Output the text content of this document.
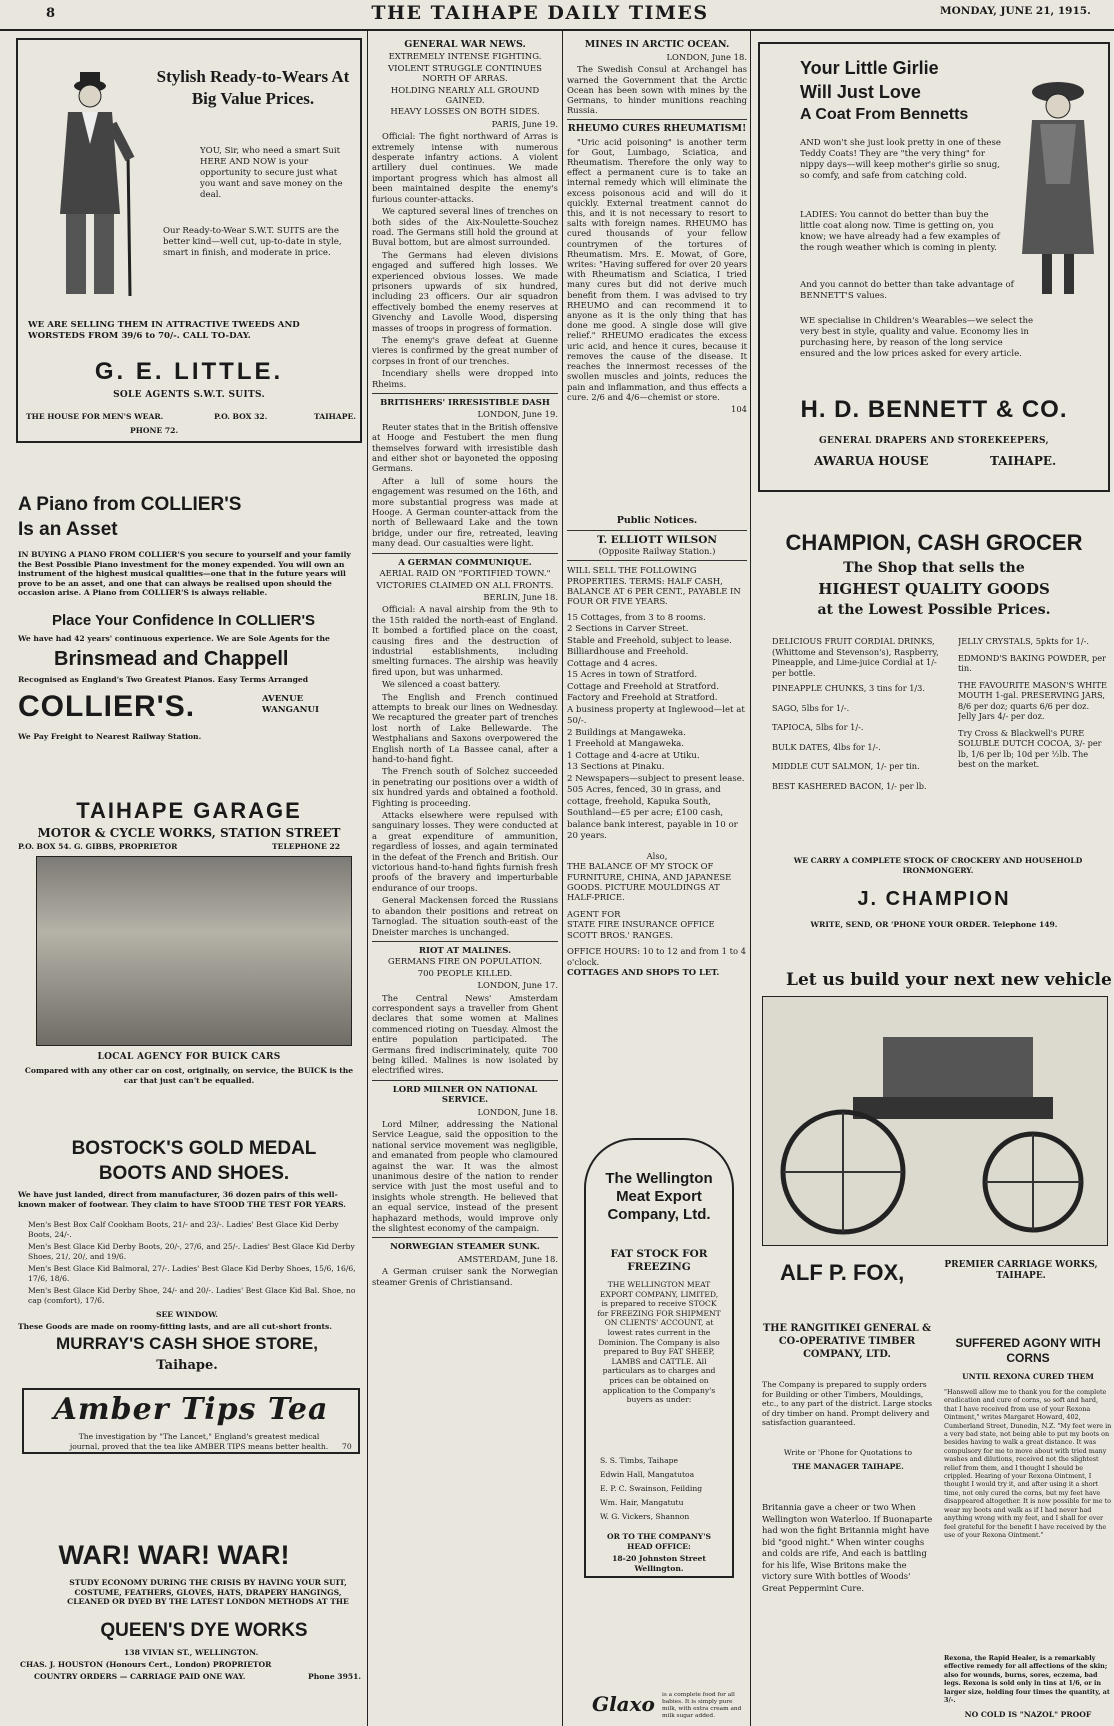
8	THE TAIHAPE DAILY TIMES	MONDAY, JUNE 21, 1915.
Stylish Ready-to-Wears At Big Value Prices.
YOU, Sir, who need a smart Suit HERE AND NOW is your opportunity to secure just what you want and save money on the deal.
Our Ready-to-Wear S.W.T. SUITS are the better kind—well cut, up-to-date in style, smart in finish, and moderate in price.
WE ARE SELLING THEM IN ATTRACTIVE TWEEDS AND WORSTEDS FROM 39/6 to 70/-. CALL TO-DAY.
G. E. LITTLE.
SOLE AGENTS S.W.T. SUITS.
THE HOUSE FOR MEN'S WEAR.	P.O. BOX 32.	TAIHAPE.
PHONE 72.
A Piano from COLLIER'S
Is an Asset
IN BUYING A PIANO FROM COLLIER'S you secure to yourself and your family the Best Possible Piano investment for the money expended. You will own an instrument of the highest musical qualities—one that in the future years will prove to be an asset, and one that can always be realised upon should the occasion arise. A Piano from COLLIER'S is always reliable.
Place Your Confidence In COLLIER'S
We have had 42 years' continuous experience. We are Sole Agents for the
Brinsmead and Chappell
Recognised as England's Two Greatest Pianos. Easy Terms Arranged
COLLIER'S.	AVENUE WANGANUI
We Pay Freight to Nearest Railway Station.
TAIHAPE GARAGE
MOTOR & CYCLE WORKS, STATION STREET
P.O. BOX 54. G. GIBBS, PROPRIETOR	TELEPHONE 22
LOCAL AGENCY FOR BUICK CARS
Compared with any other car on cost, originally, on service, the BUICK is the car that just can't be equalled.
BOSTOCK'S GOLD MEDAL BOOTS AND SHOES.
We have just landed, direct from manufacturer, 36 dozen pairs of this well-known maker of footwear. They claim to have STOOD THE TEST FOR YEARS.
Men's Best Box Calf Cookham Boots, 21/- and 23/-. Ladies' Best Glace Kid Derby Boots, 24/-.
Men's Best Glace Kid Derby Boots, 20/-, 27/6, and 25/-. Ladies' Best Glace Kid Derby Shoes, 21/, 20/, and 19/6.
Men's Best Glace Kid Balmoral, 27/-. Ladies' Best Glace Kid Derby Shoes, 15/6, 16/6, 17/6, 18/6.
Men's Best Glace Kid Derby Shoe, 24/- and 20/-. Ladies' Best Glace Kid Bal. Shoe, no cap (comfort), 17/6.
SEE WINDOW.
These Goods are made on roomy-fitting lasts, and are all cut-short fronts.
MURRAY'S CASH SHOE STORE,
Taihape.
Amber Tips Tea
The investigation by "The Lancet," England's greatest medical journal, proved that the tea like AMBER TIPS means better health.	70
WAR! WAR! WAR!
STUDY ECONOMY DURING THE CRISIS BY HAVING YOUR SUIT, COSTUME, FEATHERS, GLOVES, HATS, DRAPERY HANGINGS, CLEANED OR DYED BY THE LATEST LONDON METHODS AT THE
QUEEN'S DYE WORKS
138 VIVIAN ST., WELLINGTON.
CHAS. J. HOUSTON (Honours Cert., London) PROPRIETOR
COUNTRY ORDERS — CARRIAGE PAID ONE WAY.	Phone 3951.
GENERAL WAR NEWS.
EXTREMELY INTENSE FIGHTING.
VIOLENT STRUGGLE CONTINUES NORTH OF ARRAS.
HOLDING NEARLY ALL GROUND GAINED.
HEAVY LOSSES ON BOTH SIDES.
PARIS, June 19.

Official: The fight northward of Arras is extremely intense with numerous desperate infantry actions. A violent artillery duel continues. We made important progress which has almost all been maintained despite the enemy's furious counter-attacks.

We captured several lines of trenches on both sides of the Aix-Noulette-Souchez road. The Germans still hold the ground at Buval bottom, but are almost surrounded.

The Germans had eleven divisions engaged and suffered high losses. We experienced obvious losses. We made prisoners upwards of six hundred, including 23 officers. Our air squadron effectively bombed the enemy reserves at Givenchy and Lavolle Wood, dispersing masses of troops in progress of formation.

The enemy's grave defeat at Guenne vieres is confirmed by the great number of corpses in front of our trenches.

Incendiary shells were dropped into Rheims.

BRITISHERS' IRRESISTIBLE DASH
LONDON, June 19.

Reuter states that in the British offensive at Hooge and Festubert the men flung themselves forward with irresistible dash and either shot or bayoneted the opposing Germans.

After a lull of some hours the engagement was resumed on the 16th, and more substantial progress was made at Hooge. A German counter-attack from the north of Bellewaard Lake and the town bridge, under our fire, retreated, leaving many dead. Our casualties were light.

A GERMAN COMMUNIQUE.
AERIAL RAID ON "FORTIFIED TOWN."
VICTORIES CLAIMED ON ALL FRONTS.
BERLIN, June 18.

Official: A naval airship from the 9th to the 15th raided the north-east of England. It bombed a fortified place on the coast, causing fires and the destruction of industrial establishments, including smelting furnaces. The airship was heavily fired upon, but was unharmed.

We silenced a coast battery.

The English and French continued attempts to break our lines on Wednesday. We recaptured the greater part of trenches lost north of Lake Bellewarde. The Westphalians and Saxons overpowered the English north of La Bassee canal, after a hand-to-hand fight.

The French south of Solchez succeeded in penetrating our positions over a width of six hundred yards and obtained a foothold. Fighting is proceeding.

Attacks elsewhere were repulsed with sanguinary losses. They were conducted at a great expenditure of ammunition, regardless of losses, and again terminated in the defeat of the French and British. Our victorious hand-to-hand fights furnish fresh proofs of the bravery and imperturbable endurance of our troops.

General Mackensen forced the Russians to abandon their positions and retreat on Tarnoglad. The situation south-east of the Dneister marches is unchanged.

RIOT AT MALINES.
GERMANS FIRE ON POPULATION.
700 PEOPLE KILLED.
LONDON, June 17.

The Central News' Amsterdam correspondent says a traveller from Ghent declares that some women at Malines commenced rioting on Tuesday. Almost the entire population participated. The Germans fired indiscriminately, quite 700 being killed. Malines is now isolated by electrified wires.

LORD MILNER ON NATIONAL SERVICE.
LONDON, June 18.

Lord Milner, addressing the National Service League, said the opposition to the national service movement was negligible, and emanated from people who clamoured against the war. It was the almost unanimous desire of the nation to render service with just the most useful and to insights whole strength. He believed that an equal service, instead of the present haphazard methods, would improve only the slightest economy of the campaign.

NORWEGIAN STEAMER SUNK.
AMSTERDAM, June 18.

A German cruiser sank the Norwegian steamer Grenis of Christiansand.

MINES IN ARCTIC OCEAN.
LONDON, June 18.

The Swedish Consul at Archangel has warned the Government that the Arctic Ocean has been sown with mines by the Germans, to hinder munitions reaching Russia.

RHEUMO CURES RHEUMATISM!

"Uric acid poisoning" is another term for Gout, Lumbago, Sciatica, and Rheumatism. Therefore the only way to effect a permanent cure is to take an internal remedy which will eliminate the excess poisonous acid and will do it quickly. External treatment cannot do this, and it is not necessary to resort to salts with foreign names. RHEUMO has cured thousands of your fellow countrymen of the tortures of Rheumatism. Mrs. E. Mowat, of Gore, writes: "Having suffered for over 20 years with Rheumatism and Sciatica, I tried many cures but did not derive much benefit from them. I was advised to try RHEUMO and can recommend it to anyone as it is the only thing that has done me good. A single dose will give relief." RHEUMO eradicates the excess uric acid, and hence it cures, because it removes the cause of the disease. It reaches the innermost recesses of the swollen muscles and joints, reduces the pain and inflammation, and thus effects a cure. 2/6 and 4/6—chemist or store.

104
Public Notices.
T. ELLIOTT WILSON
(Opposite Railway Station.)
WILL SELL THE FOLLOWING PROPERTIES. TERMS: HALF CASH, BALANCE AT 6 PER CENT., PAYABLE IN FOUR OR FIVE YEARS.
15 Cottages, from 3 to 8 rooms.
2 Sections in Carver Street.
Stable and Freehold, subject to lease.
Billiardhouse and Freehold.
Cottage and 4 acres.
15 Acres in town of Stratford.
Cottage and Freehold at Stratford.
Factory and Freehold at Stratford.
A business property at Inglewood—let at 50/-.
2 Buildings at Mangaweka.
1 Freehold at Mangaweka.
1 Cottage and 4-acre at Utiku.
13 Sections at Pinaku.
2 Newspapers—subject to present lease.
505 Acres, fenced, 30 in grass, and cottage, freehold, Kapuka South, Southland—£5 per acre; £100 cash, balance bank interest, payable in 10 or 20 years.
Also,
THE BALANCE OF MY STOCK OF FURNITURE, CHINA, AND JAPANESE GOODS. PICTURE MOULDINGS AT HALF-PRICE.
AGENT FOR
STATE FIRE INSURANCE OFFICE SCOTT BROS.' RANGES.
OFFICE HOURS: 10 to 12 and from 1 to 4 o'clock.
COTTAGES AND SHOPS TO LET.
The Wellington Meat Export Company, Ltd.
FAT STOCK FOR FREEZING
THE WELLINGTON MEAT EXPORT COMPANY, LIMITED, is prepared to receive STOCK for FREEZING FOR SHIPMENT ON CLIENTS' ACCOUNT, at lowest rates current in the Dominion. The Company is also prepared to Buy FAT SHEEP, LAMBS and CATTLE. All particulars as to charges and prices can be obtained on application to the Company's buyers as under:
S. S. Timbs, Taihape
Edwin Hall, Mangatutoa
E. P. C. Swainson, Feilding
Wm. Hair, Mangatutu
W. G. Vickers, Shannon
OR TO THE COMPANY'S HEAD OFFICE:
18-20 Johnston Street Wellington.
Glaxo is a complete food for all babies. It is simply pure milk, with extra cream and milk sugar added.
Your Little Girlie
Will Just Love
A Coat From Bennetts
AND won't she just look pretty in one of these Teddy Coats! They are "the very thing" for nippy days—will keep mother's girlie so snug, so comfy, and safe from catching cold.
LADIES: You cannot do better than buy the little coat along now. Time is getting on, you know; we have already had a few examples of the rough weather which is coming in plenty.
And you cannot do better than take advantage of BENNETT'S values.
WE specialise in Children's Wearables—we select the very best in style, quality and value. Economy lies in purchasing here, by reason of the long service ensured and the low prices asked for every article.
H. D. BENNETT & CO.
GENERAL DRAPERS AND STOREKEEPERS,
AWARUA HOUSE	TAIHAPE.
CHAMPION, CASH GROCER
The Shop that sells the
HIGHEST QUALITY GOODS
at the Lowest Possible Prices.
DELICIOUS FRUIT CORDIAL DRINKS, (Whittome and Stevenson's), Raspberry, Pineapple, and Lime-juice Cordial at 1/- per bottle.
PINEAPPLE CHUNKS, 3 tins for 1/3.
SAGO, 5lbs for 1/-.
TAPIOCA, 5lbs for 1/-.
BULK DATES, 4lbs for 1/-.
MIDDLE CUT SALMON, 1/- per tin.
BEST KASHERED BACON, 1/- per lb.
JELLY CRYSTALS, 5pkts for 1/-.
EDMOND'S BAKING POWDER, per tin.
THE FAVOURITE MASON'S WHITE MOUTH 1-gal. PRESERVING JARS, 8/6 per doz; quarts 6/6 per doz. Jelly Jars 4/- per doz.
Try Cross & Blackwell's PURE SOLUBLE DUTCH COCOA, 3/- per lb, 1/6 per lb; 10d per ½lb. The best on the market.
WE CARRY A COMPLETE STOCK OF CROCKERY AND HOUSEHOLD IRONMONGERY.
J. CHAMPION
WRITE, SEND, OR 'PHONE YOUR ORDER. Telephone 149.
Let us build your next new vehicle
ALF P. FOX,	PREMIER CARRIAGE WORKS, TAIHAPE.
THE RANGITIKEI GENERAL & CO-OPERATIVE TIMBER COMPANY, LTD.
The Company is prepared to supply orders for Building or other Timbers, Mouldings, etc., to any part of the district. Large stocks of dry timber on hand. Prompt delivery and satisfaction guaranteed.
Write or 'Phone for Quotations to
THE MANAGER TAIHAPE.
Britannia gave a cheer or two When Wellington won Waterloo. If Buonaparte had won the fight Britannia might have bid "good night." When winter coughs and colds are rife, And each is battling for his life, Wise Britons make the victory sure With bottles of Woods' Great Peppermint Cure.
SUFFERED AGONY WITH CORNS
UNTIL REXONA CURED THEM
"Hanswell allow me to thank you for the complete eradication and cure of corns, so soft and hard, that I have received from use of your Rexona Ointment," writes Margaret Howard, 402, Cumberland Street, Dunedin, N.Z. "My feet were in a very bad state, not being able to put my boots on besides having to walk a great distance. It was compulsory for me to move about with tried many washes and dilutions, received not the slightest relief from them, and I thought I should be crippled. Hearing of your Rexona Ointment, I thought I would try it, and after using it a short time, not only cured the corns, but my feet have disappeared altogether. It is now possible for me to wear my boots and walk as if I had never had anything wrong with my feet, and I shall for ever feel grateful for the benefit I have received by the use of your Rexona Ointment."
Rexona, the Rapid Healer, is a remarkably effective remedy for all affections of the skin; also for wounds, burns, sores, eczema, bad legs. Rexona is sold only in tins at 1/6, or in larger size, holding four times the quantity, at 3/-.
NO COLD IS "NAZOL" PROOF
